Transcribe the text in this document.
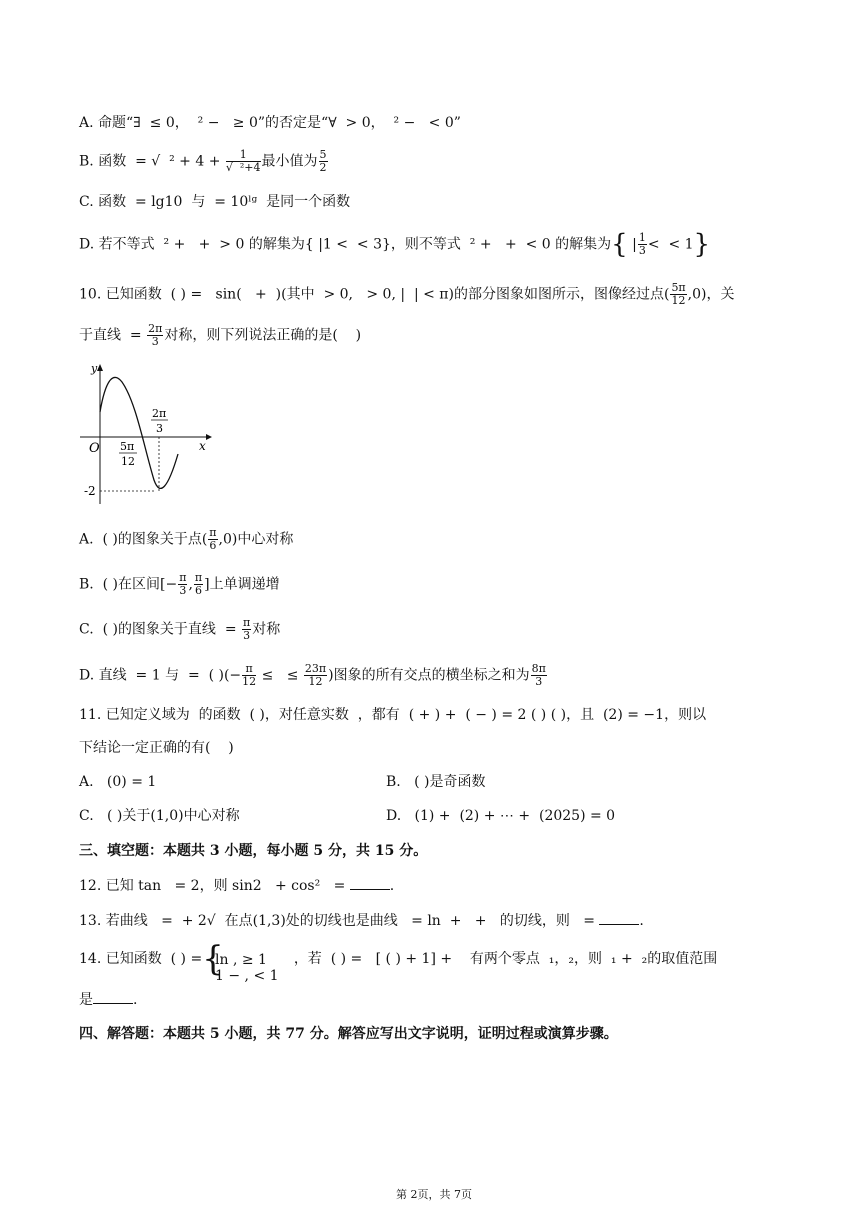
A. 命题“∃  ≤ 0，  ² −   ≥ 0”的否定是“∀  > 0，  ² −   < 0”
B. 函数  = √  $^2 + 4 + \frac{1}{\text{√  ²+4}}$ 最小值为 $\frac{5}{2}$
C. 函数  = lg10  与  = 10ˡᵍ  是同一个函数
D. 若不等式  ² +   +  > 0 的解集为{ |1 <  < 3}，则不等式  ² +   +  < 0 的解集为{ | $\frac{1}{3}$ <  < 1}
10. 已知函数  ( ) =   sin(   +  )(其中  > 0,   > 0, |  | < π)的部分图象如图所示，图像经过点( $\frac{5\pi}{12} ,0$)，关
于直线  = $\frac{2\pi}{3}$ 对称，则下列说法正确的是(    )
y
x
O 5π
12
2π
3
-2
A.  ( )的图象关于点( $\frac{\pi}{6} ,0$)中心对称
B.  ( )在区间[− $\frac{\pi}{3}$ , $\frac{\pi}{6}$ ]上单调递增
C.  ( )的图象关于直线  = $\frac{\pi}{3}$ 对称
D. 直线  = 1 与  =  ( )(− $\frac{\pi}{12}$ ≤   ≤ $\frac{23\pi}{12}$ )图象的所有交点的横坐标之和为 $\frac{8\pi}{3}$
11. 已知定义域为  的函数  ( )，对任意实数  ，都有  ( + ) +  ( − ) = 2 ( ) ( )，且  (2) = −1，则以
下结论一定正确的有(    )
A.   (0) = 1	B.   ( )是奇函数
C.   ( )关于(1,0)中心对称	D.   (1) +  (2) + ⋯ +  (2025) = 0
三、填空题：本题共 3 小题，每小题 5 分，共 15 分。
12. 已知 tan   = 2，则 sin2   + cos²   =	.
13. 若曲线   =  + 2√  在点(1,3)处的切线也是曲线   = ln  +   +   的切线，则   =	.
14. 已知函数  ( ) ={	，若  ( ) =   [ ( ) + 1] +    有两个零点  ₁，₂，则  ₁ +  ₂的取值范围
ln , ≥ 1
1 − , < 1
是	.
四、解答题：本题共 5 小题，共 77 分。解答应写出文字说明，证明过程或演算步骤。
第 2页，共 7页
